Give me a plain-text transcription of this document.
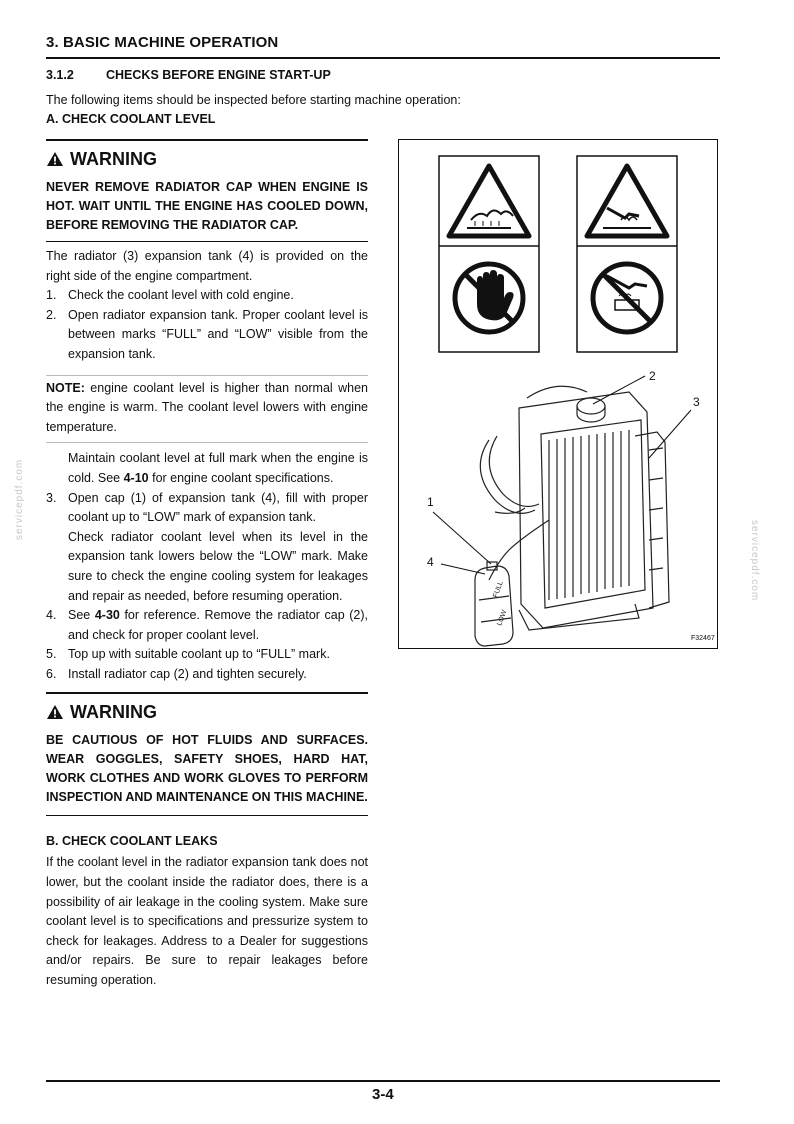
3. BASIC MACHINE OPERATION
3.1.2	CHECKS BEFORE ENGINE START-UP

The following items should be inspected before starting machine operation:

A. CHECK COOLANT LEVEL
WARNING
NEVER REMOVE RADIATOR CAP WHEN ENGINE IS HOT. WAIT UNTIL THE ENGINE HAS COOLED DOWN, BEFORE REMOVING THE RADIATOR CAP.

The radiator (3) expansion tank (4) is provided on the right side of the engine compartment.

1. Check the coolant level with cold engine.
2. Open radiator expansion tank. Proper coolant level is between marks “FULL” and “LOW” visible from the expansion tank.

NOTE: engine coolant level is higher than normal when the engine is warm. The coolant level lowers with engine temperature.

Maintain coolant level at full mark when the engine is cold. See 4-10 for engine coolant specifications.

3. Open cap (1) of expansion tank (4), fill with proper coolant up to “LOW” mark of expansion tank.
Check radiator coolant level when its level in the expansion tank lowers below the “LOW” mark. Make sure to check the engine cooling system for leakages and repair as needed, before resuming operation.
4. See 4-30 for reference. Remove the radiator cap (2), and check for proper coolant level.
5. Top up with suitable coolant up to “FULL” mark.
6. Install radiator cap (2) and tighten securely.
WARNING
BE CAUTIOUS OF HOT FLUIDS AND SURFACES. WEAR GOGGLES, SAFETY SHOES, HARD HAT, WORK CLOTHES AND WORK GLOVES TO PERFORM INSPECTION AND MAINTENANCE ON THIS MACHINE.
B. CHECK COOLANT LEAKS

If the coolant level in the radiator expansion tank does not lower, but the coolant inside the radiator does, there is a possibility of air leakage in the cooling system. Make sure coolant level is to specifications and pressurize system to check for leakages. Address to a Dealer for suggestions and/or repairs. Be sure to repair leakages before resuming operation.

FULL
LOW
2
3
1
4
F32467
servicepdf.com
servicepdf.com
3-4
